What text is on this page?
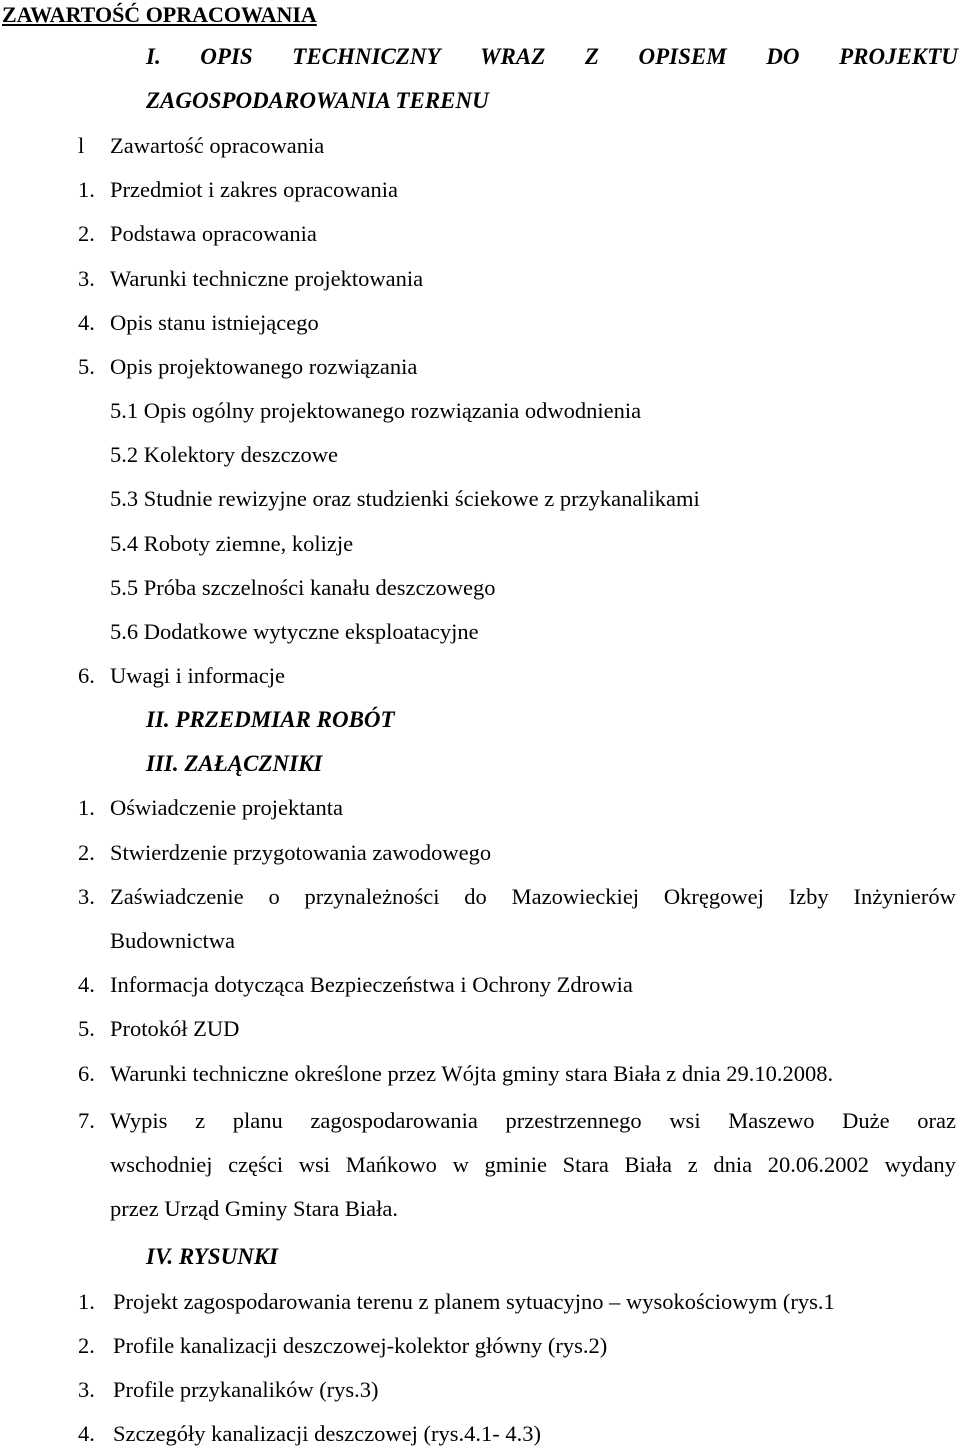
ZAWARTOŚĆ OPRACOWANIA
I. OPIS TECHNICZNY WRAZ Z OPISEM DO PROJEKTU
ZAGOSPODAROWANIA TERENU
l Zawartość opracowania
1. Przedmiot i zakres opracowania
2. Podstawa opracowania
3. Warunki techniczne projektowania
4. Opis stanu istniejącego
5. Opis projektowanego rozwiązania
5.1 Opis ogólny projektowanego rozwiązania odwodnienia
5.2 Kolektory deszczowe
5.3 Studnie rewizyjne oraz studzienki ściekowe z przykanalikami
5.4 Roboty ziemne, kolizje
5.5 Próba szczelności kanału deszczowego
5.6 Dodatkowe wytyczne eksploatacyjne
6. Uwagi i informacje
II. PRZEDMIAR ROBÓT
III. ZAŁĄCZNIKI
1. Oświadczenie projektanta
2. Stwierdzenie przygotowania zawodowego
3. Zaświadczenie o przynależności do Mazowieckiej Okręgowej Izby Inżynierów
Budownictwa
4. Informacja dotycząca Bezpieczeństwa i Ochrony Zdrowia
5. Protokół ZUD
6. Warunki techniczne określone przez Wójta gminy stara Biała z dnia 29.10.2008.
7. Wypis z planu zagospodarowania przestrzennego wsi Maszewo Duże oraz
wschodniej części wsi Mańkowo w gminie Stara Biała z dnia 20.06.2002 wydany
przez Urząd Gminy Stara Biała.
IV. RYSUNKI
1. Projekt zagospodarowania terenu z planem sytuacyjno – wysokościowym (rys.1
2. Profile kanalizacji deszczowej-kolektor główny (rys.2)
3. Profile przykanalików (rys.3)
4. Szczegóły kanalizacji deszczowej (rys.4.1- 4.3)
